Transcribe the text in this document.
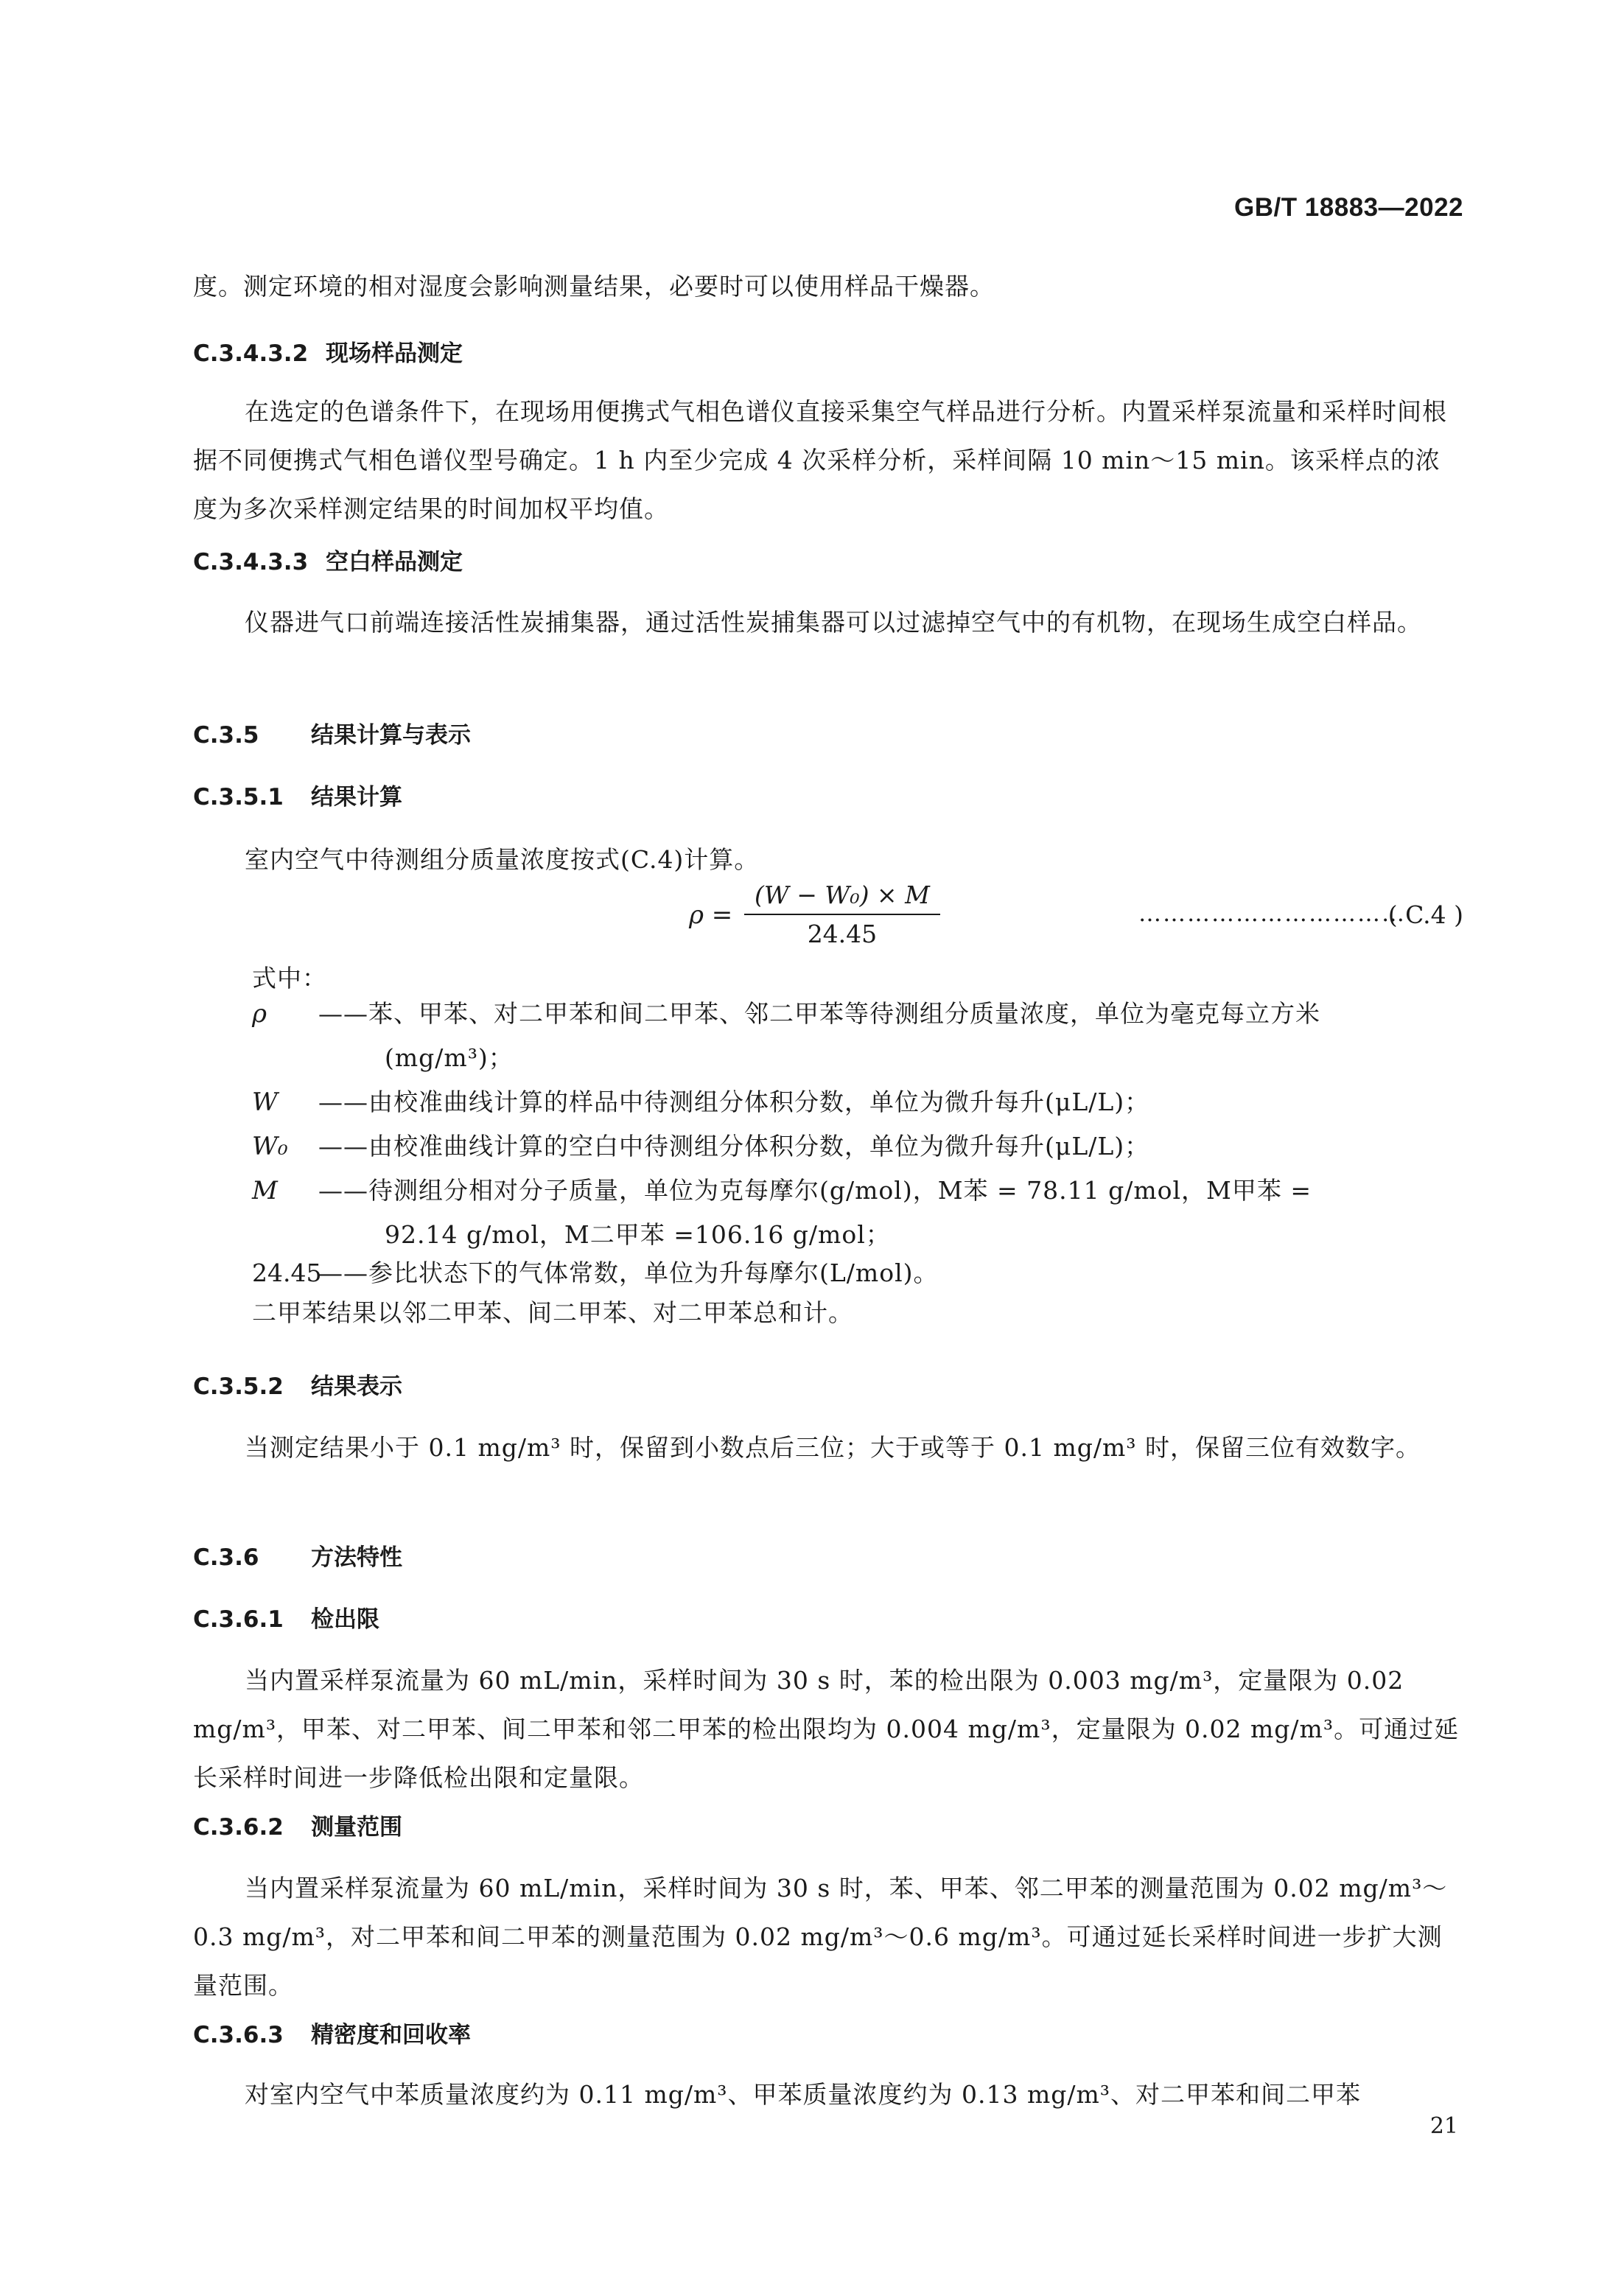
GB/T 18883—2022
度。测定环境的相对湿度会影响测量结果，必要时可以使用样品干燥器。
C.3.4.3.2 现场样品测定
在选定的色谱条件下，在现场用便携式气相色谱仪直接采集空气样品进行分析。内置采样泵流量和采样时间根据不同便携式气相色谱仪型号确定。1 h 内至少完成 4 次采样分析，采样间隔 10 min～15 min。该采样点的浓度为多次采样测定结果的时间加权平均值。
C.3.4.3.3 空白样品测定
仪器进气口前端连接活性炭捕集器，通过活性炭捕集器可以过滤掉空气中的有机物，在现场生成空白样品。
C.3.5 结果计算与表示
C.3.5.1 结果计算
室内空气中待测组分质量浓度按式(C.4)计算。
$\rho = \frac{\text{(W − W₀) × M}}{24.45}$	……………………………
( C.4 )
式中：
ρ ——苯、甲苯、对二甲苯和间二甲苯、邻二甲苯等待测组分质量浓度，单位为毫克每立方米
(mg/m³)；
W ——由校准曲线计算的样品中待测组分体积分数，单位为微升每升(μL/L)；
W₀ ——由校准曲线计算的空白中待测组分体积分数，单位为微升每升(μL/L)；
M ——待测组分相对分子质量，单位为克每摩尔(g/mol)，M苯 = 78.11 g/mol，M甲苯 =
92.14 g/mol，M二甲苯 =106.16 g/mol；
24.45
——参比状态下的气体常数，单位为升每摩尔(L/mol)。
二甲苯结果以邻二甲苯、间二甲苯、对二甲苯总和计。
C.3.5.2 结果表示
当测定结果小于 0.1 mg/m³ 时，保留到小数点后三位；大于或等于 0.1 mg/m³ 时，保留三位有效数字。
C.3.6 方法特性
C.3.6.1 检出限
当内置采样泵流量为 60 mL/min，采样时间为 30 s 时，苯的检出限为 0.003 mg/m³，定量限为 0.02 mg/m³，甲苯、对二甲苯、间二甲苯和邻二甲苯的检出限均为 0.004 mg/m³，定量限为 0.02 mg/m³。可通过延长采样时间进一步降低检出限和定量限。
C.3.6.2 测量范围
当内置采样泵流量为 60 mL/min，采样时间为 30 s 时，苯、甲苯、邻二甲苯的测量范围为 0.02 mg/m³～0.3 mg/m³，对二甲苯和间二甲苯的测量范围为 0.02 mg/m³～0.6 mg/m³。可通过延长采样时间进一步扩大测量范围。
C.3.6.3 精密度和回收率
对室内空气中苯质量浓度约为 0.11 mg/m³、甲苯质量浓度约为 0.13 mg/m³、对二甲苯和间二甲苯
21
